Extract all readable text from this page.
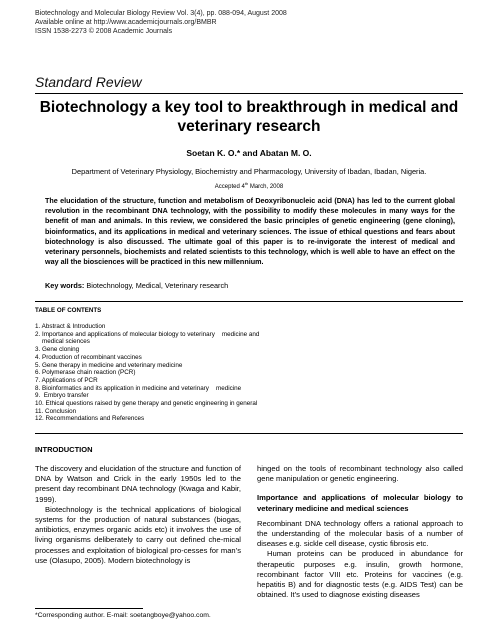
Biotechnology and Molecular Biology Review Vol. 3(4), pp. 088-094, August 2008
Available online at http://www.academicjournals.org/BMBR
ISSN 1538-2273 © 2008 Academic Journals
Standard Review
Biotechnology a key tool to breakthrough in medical and veterinary research
Soetan K. O.* and Abatan M. O.
Department of Veterinary Physiology, Biochemistry and Pharmacology, University of Ibadan, Ibadan, Nigeria.
Accepted 4th March, 2008
The elucidation of the structure, function and metabolism of Deoxyribonucleic acid (DNA) has led to the current global revolution in the recombinant DNA technology, with the possibility to modify these molecules in many ways for the benefit of man and animals. In this review, we considered the basic principles of genetic engineering (gene cloning), bioinformatics, and its applications in medical and veterinary sciences. The issue of ethical questions and fears about biotechnology is also discussed. The ultimate goal of this paper is to re-invigorate the interest of medical and veterinary personnels, biochemists and related scientists to this technology, which is well able to have an effect on the way all the biosciences will be practiced in this new millennium.
Key words: Biotechnology, Medical, Veterinary research
TABLE OF CONTENTS
1. Abstract & Introduction
2. Importance and applications of molecular biology to veterinary    medicine and
medical sciences
3. Gene cloning
4. Production of recombinant vaccines
5. Gene therapy in medicine and veterinary medicine
6. Polymerase chain reaction (PCR)
7. Applications of PCR
8. Bioinformatics and its application in medicine and veterinary    medicine
9.  Embryo transfer
10. Ethical questions raised by gene therapy and genetic engineering in general
11. Conclusion
12. Recommendations and References
INTRODUCTION

The discovery and elucidation of the structure and function of DNA by Watson and Crick in the early 1950s led to the present day recombinant DNA technology (Kwaga and Kabir, 1999).

Biotechnology is the technical applications of biological systems for the production of natural substances (biogas, antibiotics, enzymes organic acids etc) it involves the use of living organisms deliberately to carry out defined che-mical processes and exploitation of biological pro-cesses for man’s use (Olasupo, 2005). Modern biotechnology is

hinged on the tools of recombinant technology also called gene manipulation or genetic engineering.

Importance and applications of molecular biology to veterinary medicine and medical sciences

Recombinant DNA technology offers a rational approach to the understanding of the molecular basis of a number of diseases e.g. sickle cell disease, cystic fibrosis etc.

Human proteins can be produced in abundance for therapeutic purposes e.g. insulin, growth hormone, recombinant factor VIII etc. Proteins for vaccines (e.g. hepatitis B) and for diagnostic tests (e.g. AIDS Test) can be obtained. It’s used to diagnose existing diseases

*Corresponding author. E-mail: soetangboye@yahoo.com.
